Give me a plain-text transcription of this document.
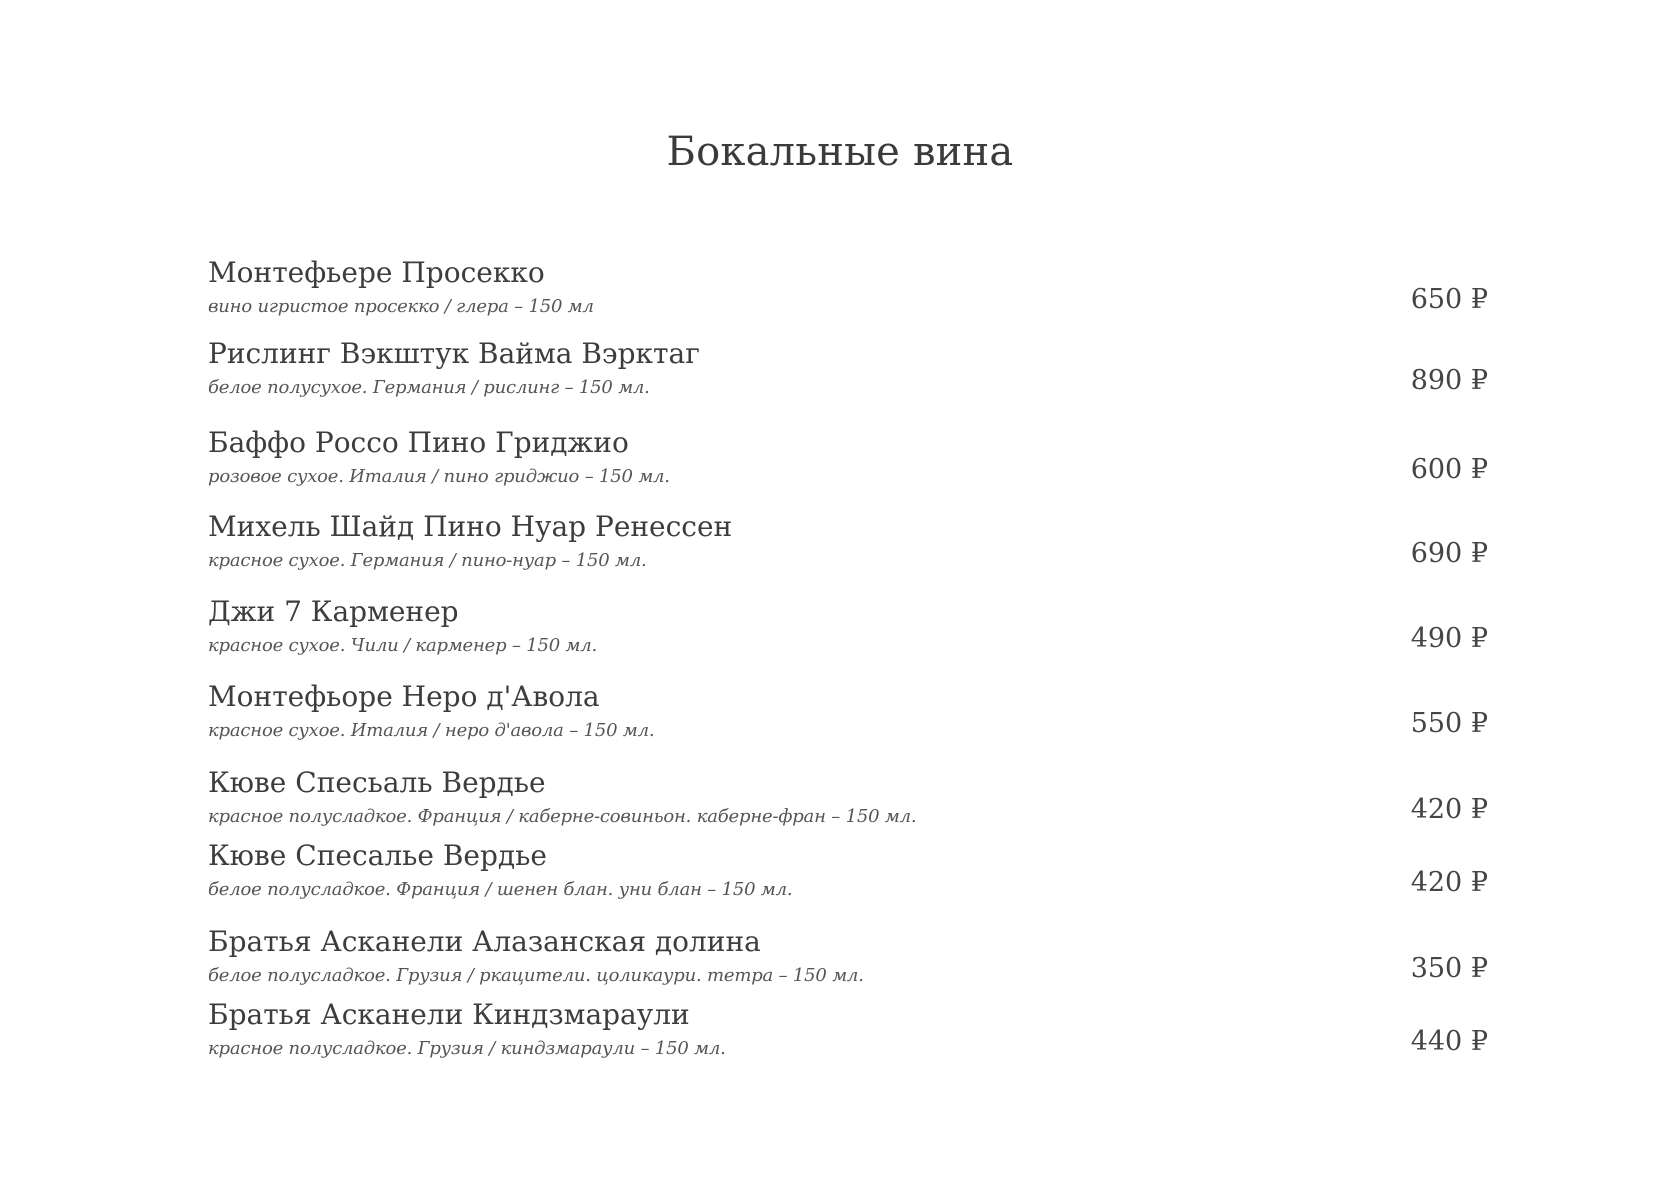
Бокальные вина
Монтефьере Просекко
вино игристое просекко / глера – 150 мл	650 ₽
Рислинг Вэкштук Вайма Вэрктаг
белое полусухое. Германия / рислинг – 150 мл.	890 ₽
Баффо Россо Пино Гриджио
розовое сухое. Италия / пино гриджио – 150 мл.	600 ₽
Михель Шайд Пино Нуар Ренессен
красное сухое. Германия / пино-нуар – 150 мл.	690 ₽
Джи 7 Карменер
красное сухое. Чили / карменер – 150 мл.	490 ₽
Монтефьоре Неро д'Авола
красное сухое. Италия / неро д'авола – 150 мл.	550 ₽
Кюве Спесьаль Вердье
красное полусладкое. Франция / каберне-совиньон. каберне-фран – 150 мл.	420 ₽
Кюве Спесалье Вердье
белое полусладкое. Франция / шенен блан. уни блан – 150 мл.	420 ₽
Братья Асканели Алазанская долина
белое полусладкое. Грузия / ркацители. цоликаури. тетра – 150 мл.	350 ₽
Братья Асканели Киндзмараули
красное полусладкое. Грузия / киндзмараули – 150 мл.	440 ₽
